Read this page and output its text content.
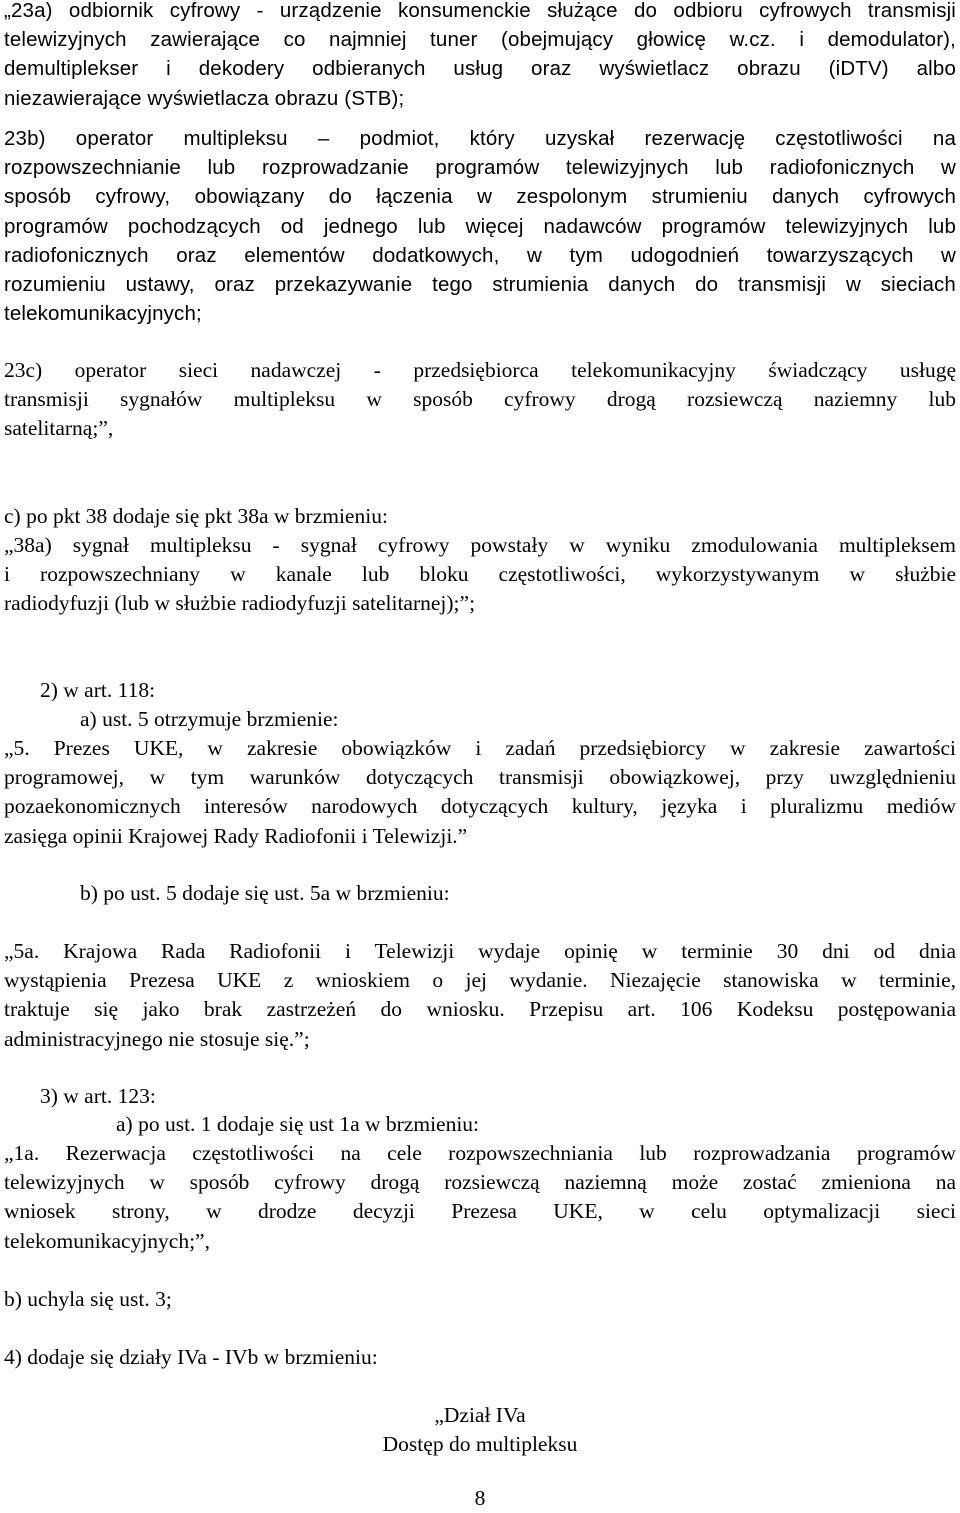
„23a) odbiornik cyfrowy - urządzenie konsumenckie służące do odbioru cyfrowych transmisji
telewizyjnych zawierające co najmniej tuner (obejmujący głowicę w.cz. i demodulator),
demultiplekser i dekodery odbieranych usług oraz wyświetlacz obrazu (iDTV) albo
niezawierające wyświetlacza obrazu (STB);
23b) operator multipleksu – podmiot, który uzyskał rezerwację częstotliwości na
rozpowszechnianie lub rozprowadzanie programów telewizyjnych lub radiofonicznych w
sposób cyfrowy, obowiązany do łączenia w zespolonym strumieniu danych cyfrowych
programów pochodzących od jednego lub więcej nadawców programów telewizyjnych lub
radiofonicznych oraz elementów dodatkowych, w tym udogodnień towarzyszących w
rozumieniu ustawy, oraz przekazywanie tego strumienia danych do transmisji w sieciach
telekomunikacyjnych;
23c) operator sieci nadawczej - przedsiębiorca telekomunikacyjny świadczący usługę
transmisji sygnałów multipleksu w sposób cyfrowy drogą rozsiewczą naziemny lub
satelitarną;”,
c) po pkt 38 dodaje się pkt 38a w brzmieniu:
„38a) sygnał multipleksu - sygnał cyfrowy powstały w wyniku zmodulowania multipleksem
i rozpowszechniany w kanale lub bloku częstotliwości, wykorzystywanym w służbie
radiodyfuzji (lub w służbie radiodyfuzji satelitarnej);”;
2) w art. 118:
a) ust. 5 otrzymuje brzmienie:
„5. Prezes UKE, w zakresie obowiązków i zadań przedsiębiorcy w zakresie zawartości
programowej, w tym warunków dotyczących transmisji obowiązkowej, przy uwzględnieniu
pozaekonomicznych interesów narodowych dotyczących kultury, języka i pluralizmu mediów
zasięga opinii Krajowej Rady Radiofonii i Telewizji.”
b) po ust. 5 dodaje się ust. 5a w brzmieniu:
„5a. Krajowa Rada Radiofonii i Telewizji wydaje opinię w terminie 30 dni od dnia
wystąpienia Prezesa UKE z wnioskiem o jej wydanie. Niezajęcie stanowiska w terminie,
traktuje się jako brak zastrzeżeń do wniosku. Przepisu art. 106 Kodeksu postępowania
administracyjnego nie stosuje się.”;
3) w art. 123:
a) po ust. 1 dodaje się ust 1a w brzmieniu:
„1a. Rezerwacja częstotliwości na cele rozpowszechniania lub rozprowadzania programów
telewizyjnych w sposób cyfrowy drogą rozsiewczą naziemną może zostać zmieniona na
wniosek strony, w drodze decyzji Prezesa UKE, w celu optymalizacji sieci
telekomunikacyjnych;”,
b) uchyla się ust. 3;
4) dodaje się działy IVa - IVb w brzmieniu:
„Dział IVa
Dostęp do multipleksu
8
